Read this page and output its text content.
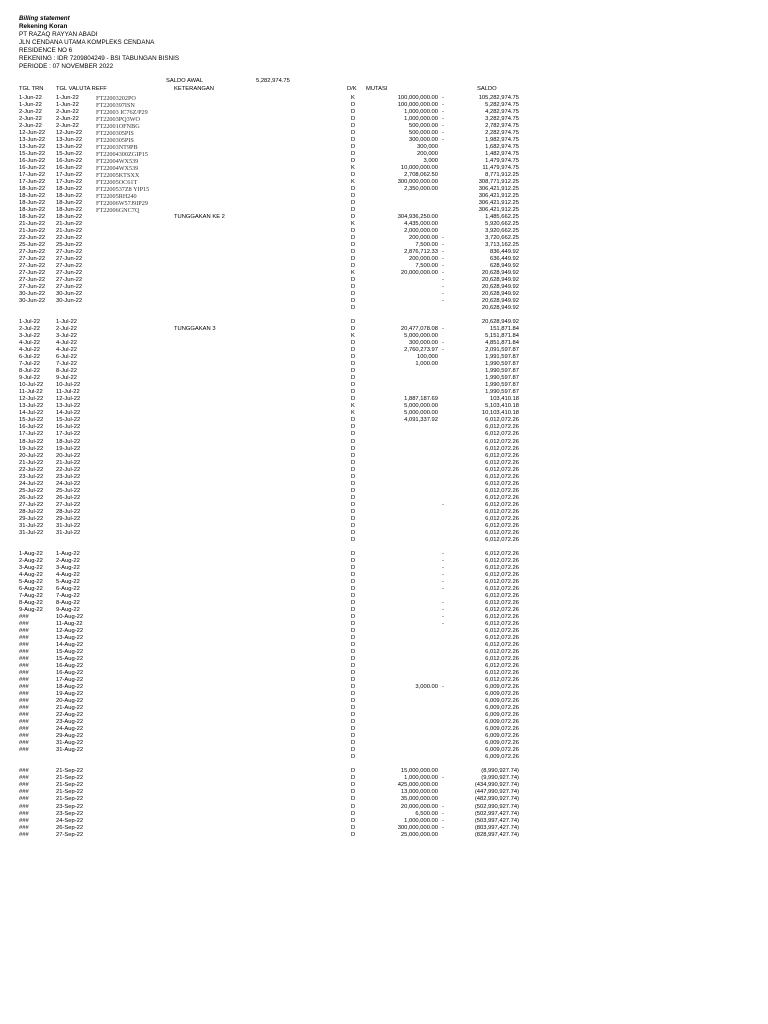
Billing statement
Rekening Koran
PT RAZAQ RAYYAN ABADI
JLN CENDANA UTAMA KOMPLEKS CENDANA
RESIDENCE NO 6
REKENING : IDR 7209804249 - BSI TABUNGAN BISNIS
PERIODE : 07 NOVEMBER 2022
SALDO AWAL	5,282,974.75
TGL TRN TGL VALUTA REFF	KETERANGAN	D/K MUTASI	SALDO
1-Jun-22 1-Jun-22	FT22003202PO	K	100,000,000.00 -	105,282,974.75
1-Jun-22 1-Jun-22	FT2200397ISN	D	100,000,000.00 -	5,282,974.75
2-Jun-22 2-Jun-22	FT22003 IC76Z/P29	D	1,000,000.00 -	4,282,974.75
2-Jun-22 2-Jun-22	FT22003PQ3WO	D	1,000,000.00 -	3,282,974.75
2-Jun-22 2-Jun-22	FT22001OFNBG	D	500,000.00 -	2,782,974.75
12-Jun-22 12-Jun-22 FT2200305PIS	D	500,000.00 -	2,282,974.75
13-Jun-22 13-Jun-22 FT2200305PIS	D	300,000.00 -	1,982,974.75
13-Jun-22 13-Jun-22 FT22003NT9PB	D	300,000	1,682,974.75
15-Jun-22 15-Jun-22 FT22004300ZGIP15	D	200,000	1,482,974.75
16-Jun-22 16-Jun-22 FT22004WX539	D	3,000	1,479,974.75
16-Jun-22 16-Jun-22 FT22004WX539	K	10,000,000.00	11,479,974.75
17-Jun-22 17-Jun-22 FT22005KTSXX	D	2,708,062.50	8,771,912.25
17-Jun-22 17-Jun-22 FT22005OC61T	K	300,000,000.00	308,771,912.25
18-Jun-22 18-Jun-22 FT2200537Z8 YIP15	D	2,350,000.00	306,421,912.25
18-Jun-22 18-Jun-22 FT22005RH240	D	306,421,912.25
18-Jun-22 18-Jun-22 FT22006W57J9IP29	D	306,421,912.25
18-Jun-22 18-Jun-22 FT22006GNC7Q	D	306,421,912.25
18-Jun-22 18-Jun-22	TUNGGAKAN KE 2	D	304,936,250.00	1,485,662.25
21-Jun-22 21-Jun-22	K	4,435,000.00	5,920,662.25
21-Jun-22 21-Jun-22	D	2,000,000.00	3,920,662.25
22-Jun-22 22-Jun-22	D	200,000.00 -	3,720,662.25
25-Jun-22 25-Jun-22	D	7,500.00 -	3,713,162.25
27-Jun-22 27-Jun-22	D	2,876,712.33 -	836,449.92
27-Jun-22 27-Jun-22	D	200,000.00 -	636,449.92
27-Jun-22 27-Jun-22	D	7,500.00 -	628,949.92
27-Jun-22 27-Jun-22	K	20,000,000.00 -	20,628,949.92
27-Jun-22 27-Jun-22	D	-	20,628,949.92
27-Jun-22 27-Jun-22	D	-	20,628,949.92
30-Jun-22 30-Jun-22	D	-	20,628,949.92
30-Jun-22 30-Jun-22	D	-	20,628,949.92
D	20,628,949.92
1-Jul-22	1-Jul-22	D	20,628,949.92
2-Jul-22	2-Jul-22	TUNGGAKAN 3	D	20,477,078.08 -	151,871.84
3-Jul-22	3-Jul-22	K	5,000,000.00	5,151,871.84
4-Jul-22	4-Jul-22	D	300,000.00 -	4,851,871.84
4-Jul-22	4-Jul-22	D	2,760,273.97 -	2,091,597.87
6-Jul-22	6-Jul-22	D	100,000	1,991,597.87
7-Jul-22	7-Jul-22	D	1,000.00	1,990,597.87
8-Jul-22	8-Jul-22	D	1,990,597.87
9-Jul-22	9-Jul-22	D	1,990,597.87
10-Jul-22 10-Jul-22	D	1,990,597.87
11-Jul-22 11-Jul-22	D	1,990,597.87
12-Jul-22 12-Jul-22	D	1,887,187.69	103,410.18
13-Jul-22 13-Jul-22	K	5,000,000.00	5,103,410.18
14-Jul-22 14-Jul-22	K	5,000,000.00	10,103,410.18
15-Jul-22 15-Jul-22	D	4,091,337.92	6,012,072.26
16-Jul-22 16-Jul-22	D	6,012,072.26
17-Jul-22 17-Jul-22	D	6,012,072.26
18-Jul-22 18-Jul-22	D	6,012,072.26
19-Jul-22 19-Jul-22	D	6,012,072.26
20-Jul-22 20-Jul-22	D	6,012,072.26
21-Jul-22 21-Jul-22	D	6,012,072.26
22-Jul-22 22-Jul-22	D	6,012,072.26
23-Jul-22 23-Jul-22	D	6,012,072.26
24-Jul-22 24-Jul-22	D	6,012,072.26
25-Jul-22 25-Jul-22	D	6,012,072.26
26-Jul-22 26-Jul-22	D	6,012,072.26
27-Jul-22 27-Jul-22	D	-	6,012,072.26
28-Jul-22 28-Jul-22	D	6,012,072.26
29-Jul-22 29-Jul-22	D	6,012,072.26
31-Jul-22 31-Jul-22	D	6,012,072.26
31-Jul-22 31-Jul-22	D	6,012,072.26
D	6,012,072.26
1-Aug-22 1-Aug-22	D	-	6,012,072.26
2-Aug-22 2-Aug-22	D	-	6,012,072.26
3-Aug-22 3-Aug-22	D	-	6,012,072.26
4-Aug-22 4-Aug-22	D	-	6,012,072.26
5-Aug-22 5-Aug-22	D	-	6,012,072.26
6-Aug-22 6-Aug-22	D	-	6,012,072.26
7-Aug-22 7-Aug-22	D	6,012,072.26
8-Aug-22 8-Aug-22	D	-	6,012,072.26
9-Aug-22 9-Aug-22	D	-	6,012,072.26
###	10-Aug-22	D	-	6,012,072.26
###	11-Aug-22	D	-	6,012,072.26
###	12-Aug-22	D	6,012,072.26
###	13-Aug-22	D	6,012,072.26
###	14-Aug-22	D	6,012,072.26
###	15-Aug-22	D	6,012,072.26
###	15-Aug-22	D	6,012,072.26
###	16-Aug-22	D	6,012,072.26
###	16-Aug-22	D	6,012,072.26
###	17-Aug-22	D	6,012,072.26
###	18-Aug-22	D	3,000.00 -	6,009,072.26
###	19-Aug-22	D	6,009,072.26
###	20-Aug-22	D	6,009,072.26
###	21-Aug-22	D	6,009,072.26
###	22-Aug-22	D	6,009,072.26
###	23-Aug-22	D	6,009,072.26
###	24-Aug-22	D	6,009,072.26
###	29-Aug-22	D	6,009,072.26
###	31-Aug-22	D	6,009,072.26
###	31-Aug-22	D	6,009,072.26
D	6,009,072.26
###	21-Sep-22	D	15,000,000.00	(8,990,927.74)
###	21-Sep-22	D	1,000,000.00 -	(9,990,927.74)
###	21-Sep-22	D	425,000,000.00	(434,990,927.74)
###	21-Sep-22	D	13,000,000.00	(447,990,927.74)
###	21-Sep-22	D	35,000,000.00	(482,990,927.74)
###	23-Sep-22	D	20,000,000.00 -	(502,990,927.74)
###	23-Sep-22	D	6,500.00 -	(502,997,427.74)
###	24-Sep-22	D	1,000,000.00 -	(503,997,427.74)
###	26-Sep-22	D	300,000,000.00 -	(803,997,427.74)
###	27-Sep-22	D	25,000,000.00	(828,997,427.74)
